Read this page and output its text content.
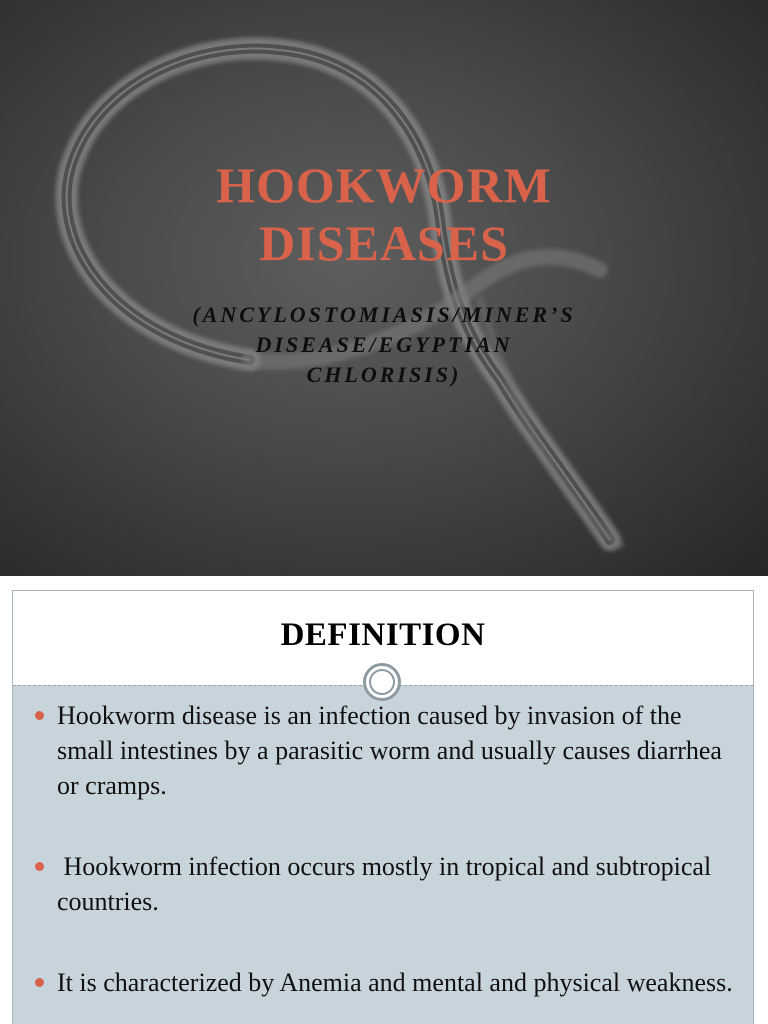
HOOKWORM
DISEASES
(ANCYLOSTOMIASIS/MINER’S
DISEASE/EGYPTIAN
CHLORISIS)
DEFINITION
Hookworm disease is an infection caused by invasion of the small intestines by a parasitic worm and usually causes diarrhea or cramps.
Hookworm infection occurs mostly in tropical and subtropical countries.
It is characterized by Anemia and mental and physical weakness.
